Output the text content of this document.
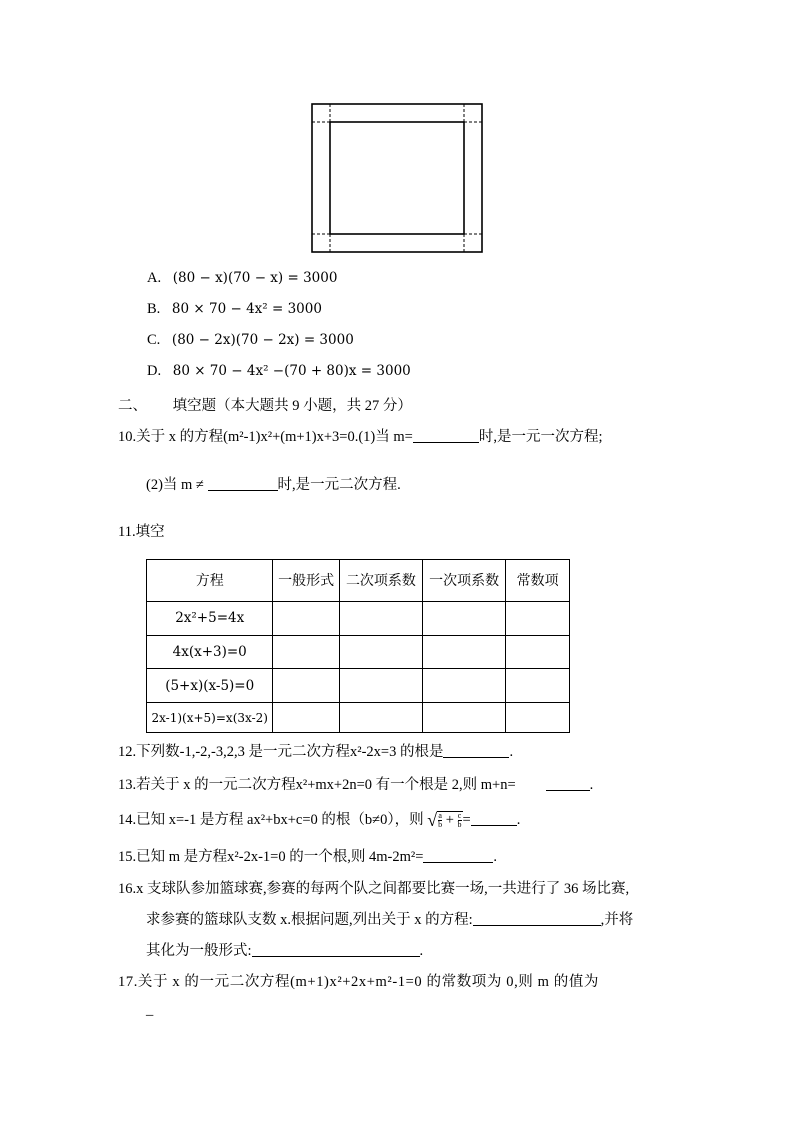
A. (80 − x)(70 − x) = 3000
B. 80 × 70 − 4x² = 3000
C. (80 − 2x)(70 − 2x) = 3000
D. 80 × 70 − 4x² −(70 + 80)x = 3000
二、 填空题（本大题共 9 小题，共 27 分）
10.关于 x 的方程(m²-1)x²+(m+1)x+3=0.(1)当 m=	时,是一元一次方程;
(2)当 m ≠	时,是一元二次方程.
11.填空
方程	一般形式	二次项系数	一次项系数	常数项
2x²+5=4x				
4x(x+3)=0				
(5+x)(x-5)=0				
2x-1)(x+5)=x(3x-2)				
12.下列数-1,-2,-3,2,3 是一元二次方程x²-2x=3 的根是	.
13.若关于 x 的一元二次方程x²+mx+2n=0 有一个根是 2,则 m+n=	.
14.已知 x=-1 是方程 ax²+bx+c=0 的根（b≠0），则 √ $\frac{a}{b} + \frac{c}{b}$ =	.
15.已知 m 是方程x²-2x-1=0 的一个根,则 4m-2m²=	.
16.x 支球队参加篮球赛,参赛的每两个队之间都要比赛一场,一共进行了 36 场比赛,
求参赛的篮球队支数 x.根据问题,列出关于 x 的方程:	,并将
其化为一般形式:	.
17.关于 x 的一元二次方程(m+1)x²+2x+m²-1=0 的常数项为 0,则 m 的值为
_
